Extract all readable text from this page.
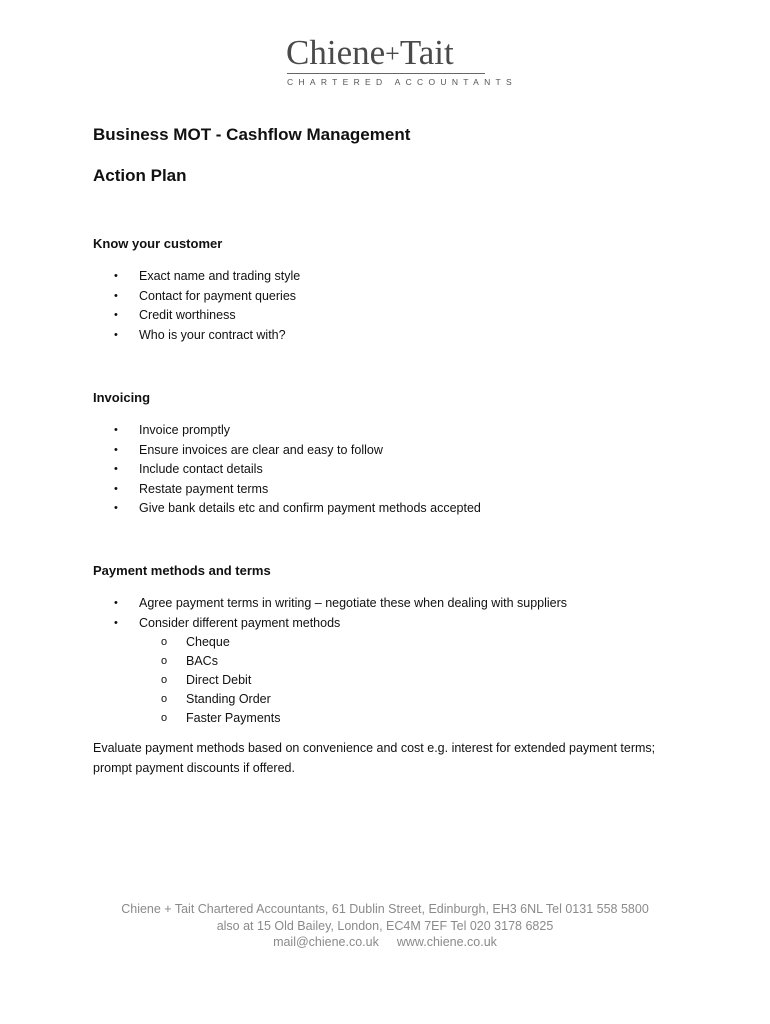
Chiene+Tait
CHARTERED ACCOUNTANTS
Business MOT - Cashflow Management
Action Plan
Know your customer
• Exact name and trading style
• Contact for payment queries
• Credit worthiness
• Who is your contract with?
Invoicing
• Invoice promptly
• Ensure invoices are clear and easy to follow
• Include contact details
• Restate payment terms
• Give bank details etc and confirm payment methods accepted
Payment methods and terms
• Agree payment terms in writing – negotiate these when dealing with suppliers
• Consider different payment methods
o Cheque
o BACs
o Direct Debit
o Standing Order
o Faster Payments

Evaluate payment methods based on convenience and cost e.g. interest for extended payment terms; prompt payment discounts if offered.

Chiene + Tait Chartered Accountants, 61 Dublin Street, Edinburgh, EH3 6NL Tel 0131 558 5800
also at 15 Old Bailey, London, EC4M 7EF Tel 020 3178 6825
mail@chiene.co.uk www.chiene.co.uk
